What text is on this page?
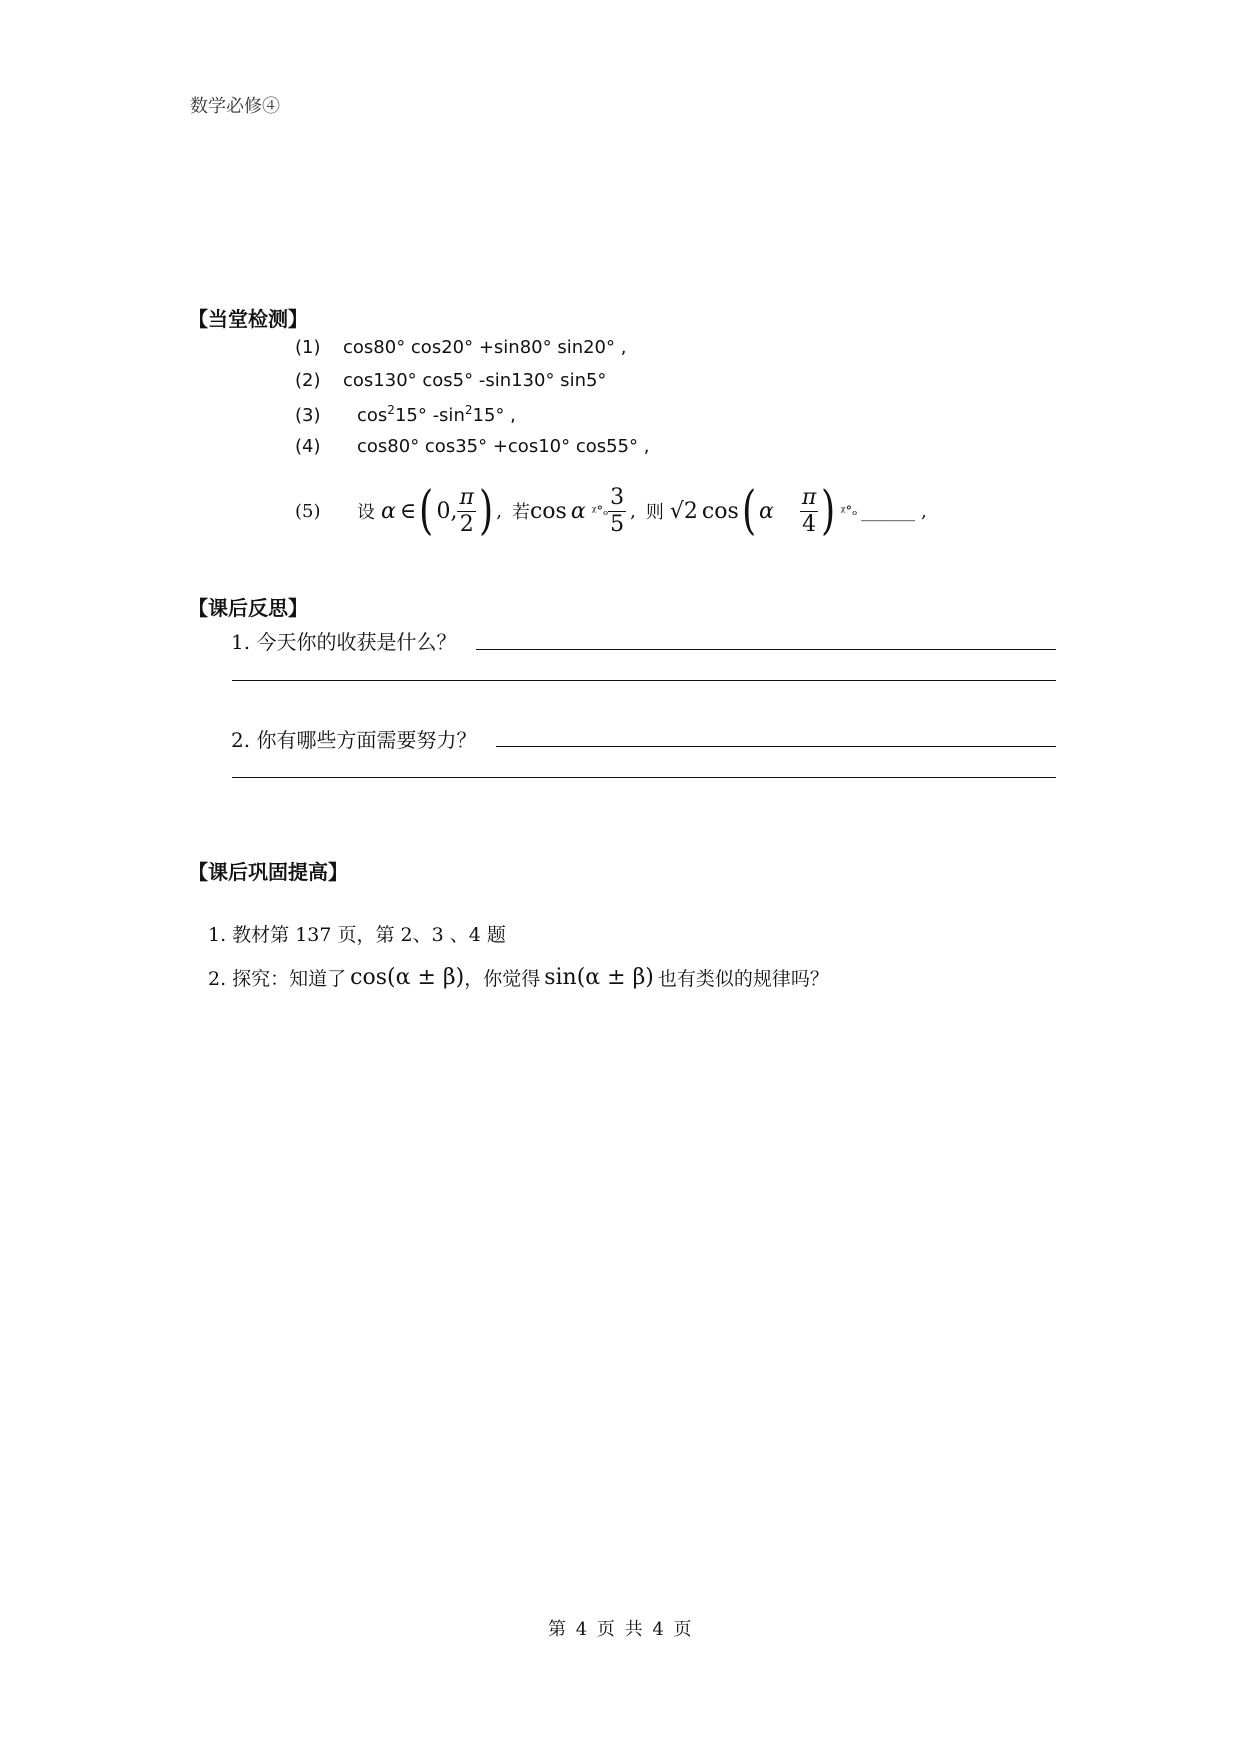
数学必修④
【当堂检测】
(1) cos80° cos20° +sin80° sin20° ,
(2) cos130° cos5° -sin130° sin5°
(3) $\cos^215^\circ$ $-\sin^215^\circ$ ,
(4) cos80° cos35° +cos10° cos55° ,
(5)	设 α ∈ ( 0, $\frac{\pi}{2}$ ) , 若 cos α ᵡ°ₒ $\frac{3}{5}$ , 则 √2 cos ( α $\frac{\pi}{4}$ ) ᵡ°ₒ ______ ,
【课后反思】
1. 今天你的收获是什么？
2. 你有哪些方面需要努力？
【课后巩固提高】
1. 教材第 137 页，第 2、3 、4 题
2. 探究：知道了 cos(α ± β) ，你觉得 sin(α ± β) 也有类似的规律吗？
第 4 页 共 4 页
